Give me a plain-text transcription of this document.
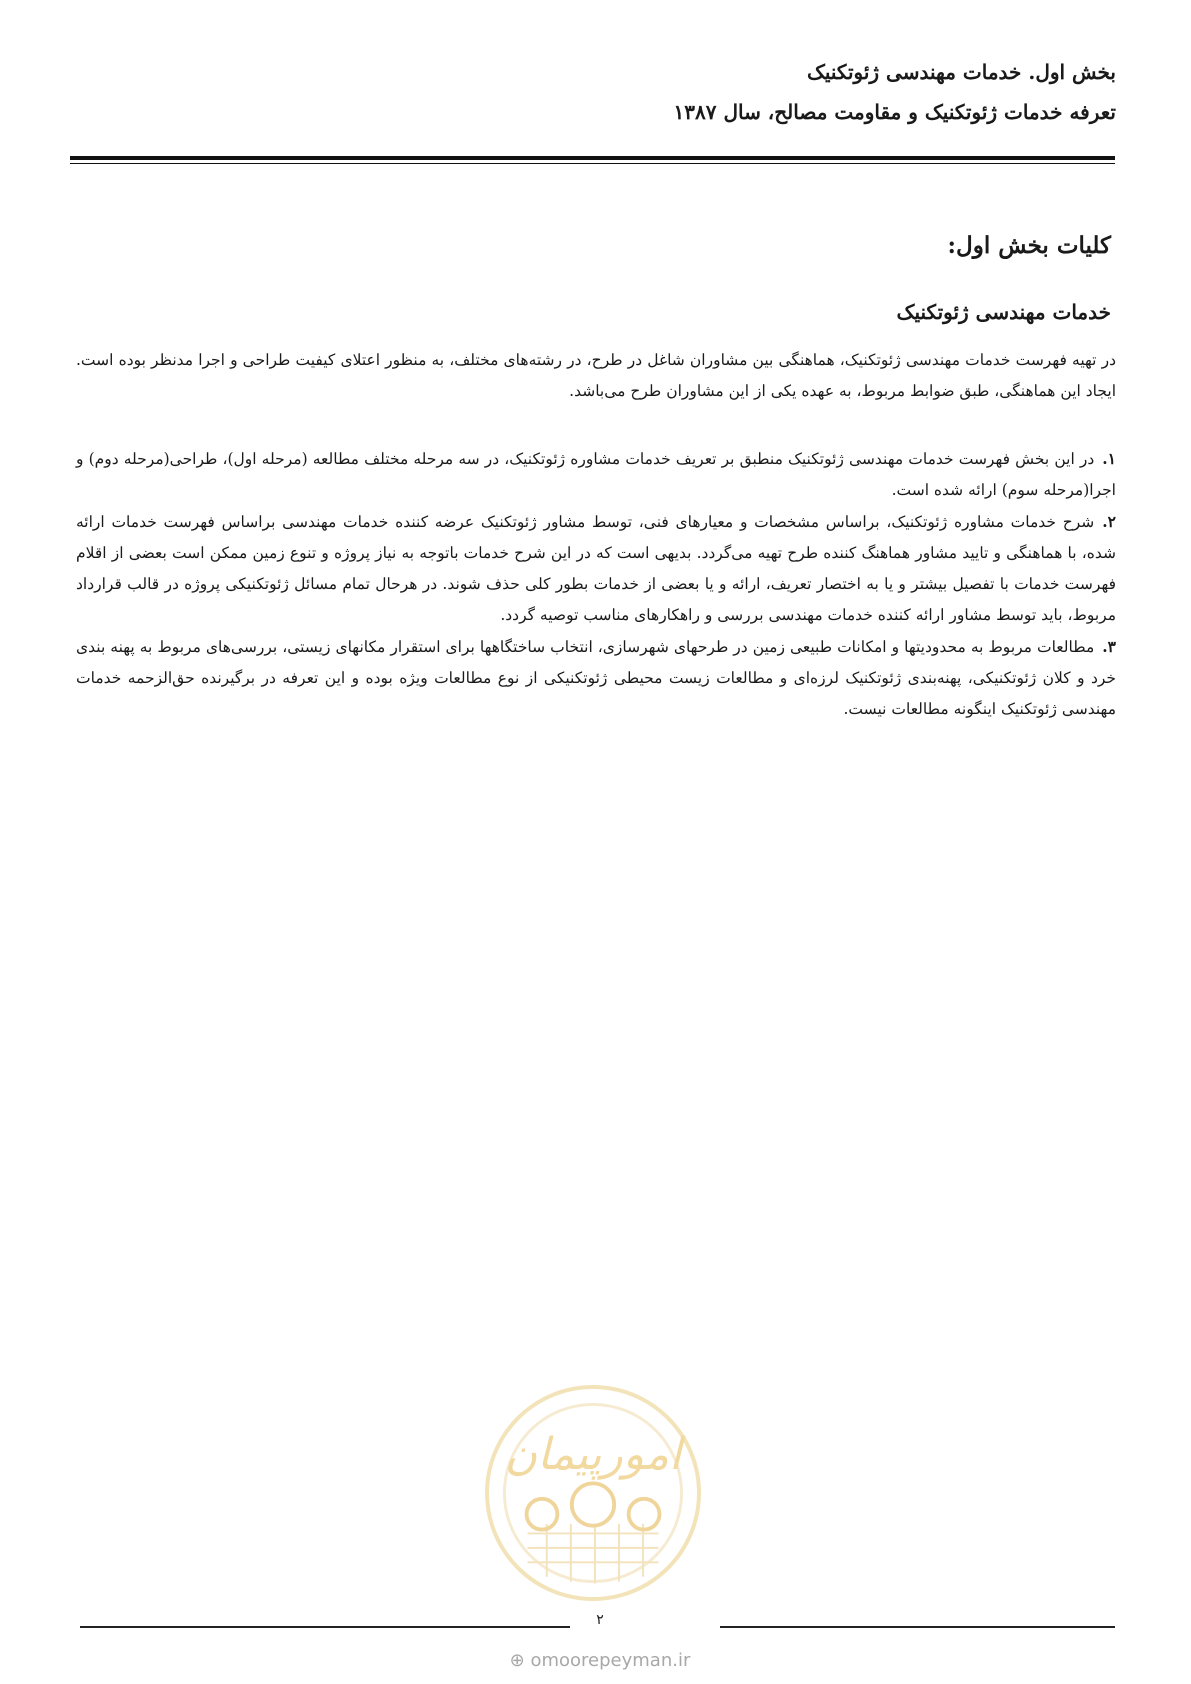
بخش اول. خدمات مهندسی ژئوتکنیک
تعرفه خدمات ژئوتکنیک و مقاومت مصالح، سال ۱۳۸۷
کلیات بخش اول:
خدمات مهندسی ژئوتکنیک

در تهیه فهرست خدمات مهندسی ژئوتکنیک، هماهنگی بین مشاوران شاغل در طرح، در رشته‌های مختلف، به منظور اعتلای کیفیت طراحی و اجرا مدنظر بوده است. ایجاد این هماهنگی، طبق ضوابط مربوط، به عهده یکی از این مشاوران طرح می‌باشد.

۱.در این بخش فهرست خدمات مهندسی ژئوتکنیک منطبق بر تعریف خدمات مشاوره ژئوتکنیک، در سه مرحله مختلف مطالعه (مرحله اول)، طراحی(مرحله دوم) و اجرا(مرحله سوم) ارائه شده است.

۲.شرح خدمات مشاوره ژئوتکنیک، براساس مشخصات و معیارهای فنی، توسط مشاور ژئوتکنیک عرضه کننده خدمات مهندسی براساس فهرست خدمات ارائه شده، با هماهنگی و تایید مشاور هماهنگ کننده طرح تهیه می‌گردد. بدیهی است که در این شرح خدمات باتوجه به نیاز پروژه و تنوع زمین ممکن است بعضی از اقلام فهرست خدمات با تفصیل بیشتر و یا به اختصار تعریف، ارائه و یا بعضی از خدمات بطور کلی حذف شوند. در هرحال تمام مسائل ژئوتکنیکی پروژه در قالب قرارداد مربوط، باید توسط مشاور ارائه کننده خدمات مهندسی بررسی و راهکارهای مناسب توصیه گردد.

۳.مطالعات مربوط به محدودیتها و امکانات طبیعی زمین در طرحهای شهرسازی، انتخاب ساختگاهها برای استقرار مکانهای زیستی، بررسی‌های مربوط به پهنه بندی خرد و کلان ژئوتکنیکی، پهنه‌بندی ژئوتکنیک لرزه‌ای و مطالعات زیست محیطی ژئوتکنیکی از نوع مطالعات ویژه بوده و این تعرفه در برگیرنده حق‌الزحمه خدمات مهندسی ژئوتکنیک اینگونه مطالعات نیست.

امورپیمان
۲
⊕ omoorepeyman.ir
